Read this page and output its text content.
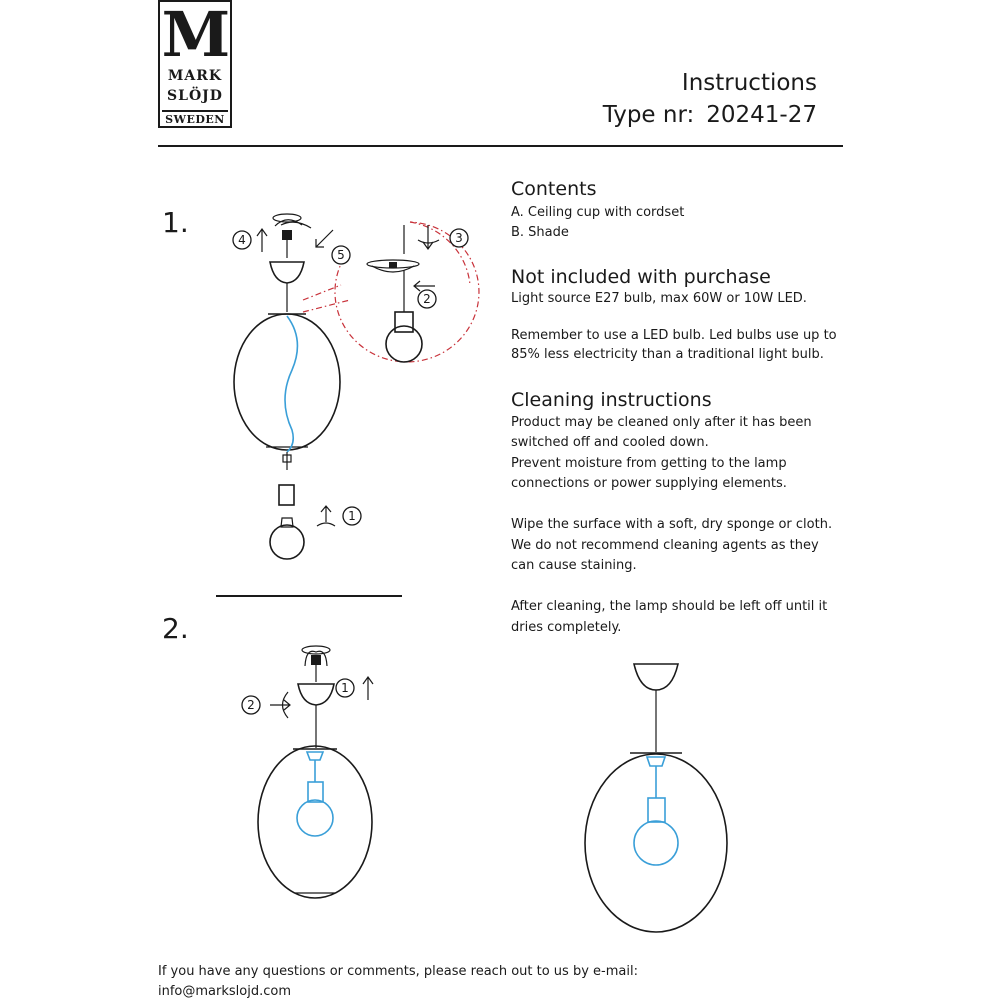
M
MARK
SLÖJD
SWEDEN
Instructions
Type nr: 20241-27
1.
2.
Contents
A. Ceiling cup with cordset
B. Shade
Not included with purchase
Light source E27 bulb, max 60W or 10W LED.
Remember to use a LED bulb. Led bulbs use up to
85% less electricity than a traditional light bulb.
Cleaning instructions
Product may be cleaned only after it has been
switched off and cooled down.
Prevent moisture from getting to the lamp
connections or power supplying elements.
Wipe the surface with a soft, dry sponge or cloth.
We do not recommend cleaning agents as they
can cause staining.
After cleaning, the lamp should be left off until it
dries completely.
If you have any questions or comments, please reach out to us by e-mail:
info@markslojd.com
1
2
3
4
5
1
2
